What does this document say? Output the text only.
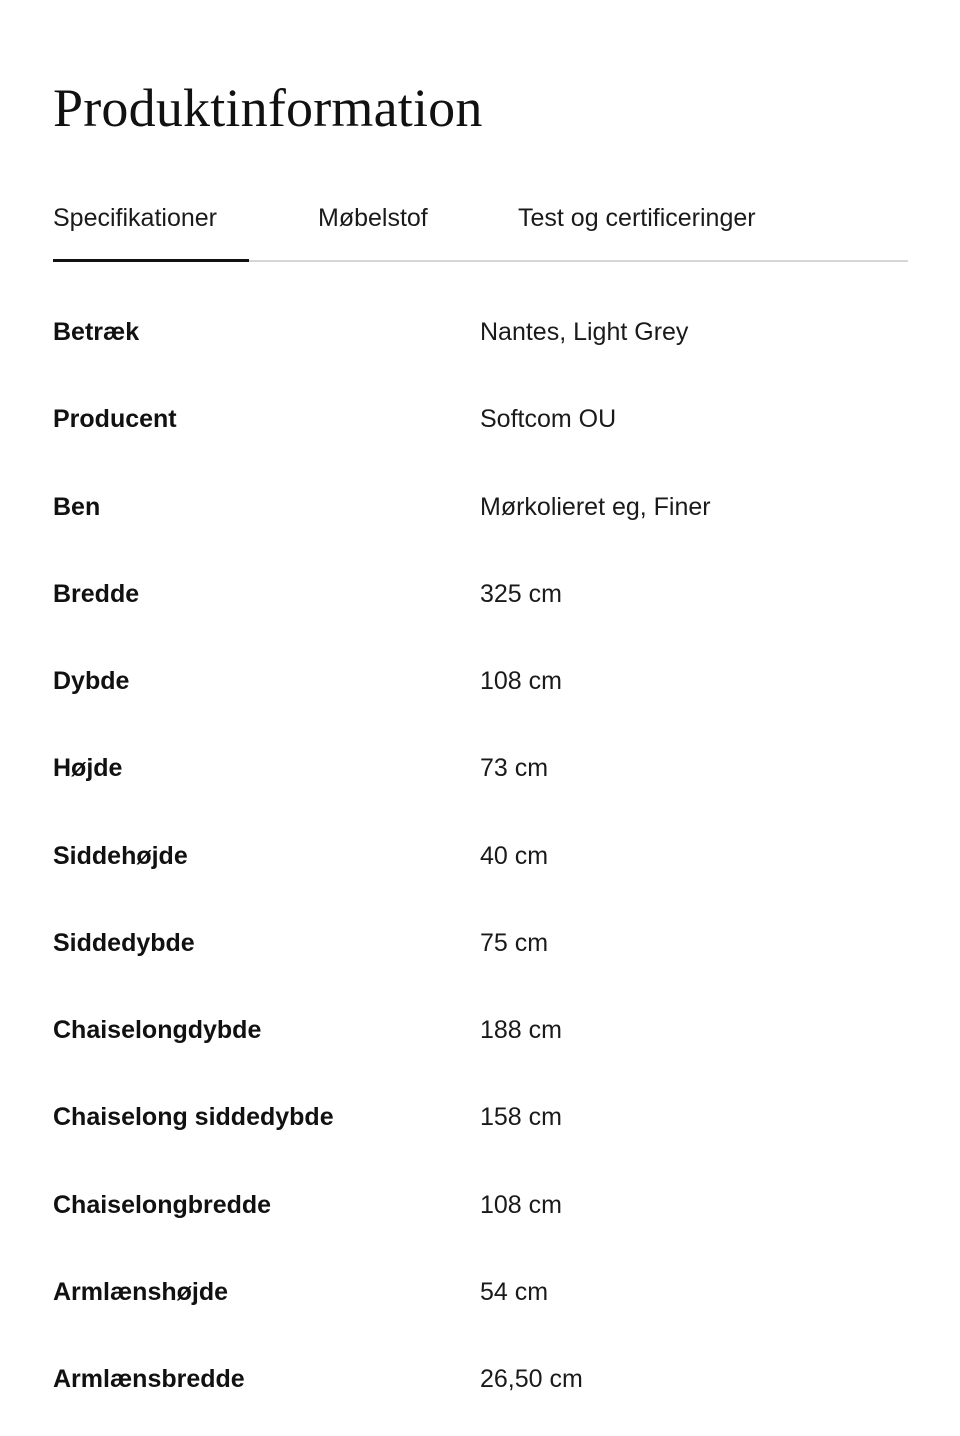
Produktinformation
Specifikationer	Møbelstof	Test og certificeringer
Betræk	Nantes, Light Grey
Producent	Softcom OU
Ben	Mørkolieret eg, Finer
Bredde	325 cm
Dybde	108 cm
Højde	73 cm
Siddehøjde	40 cm
Siddedybde	75 cm
Chaiselongdybde	188 cm
Chaiselong siddedybde	158 cm
Chaiselongbredde	108 cm
Armlænshøjde	54 cm
Armlænsbredde	26,50 cm
